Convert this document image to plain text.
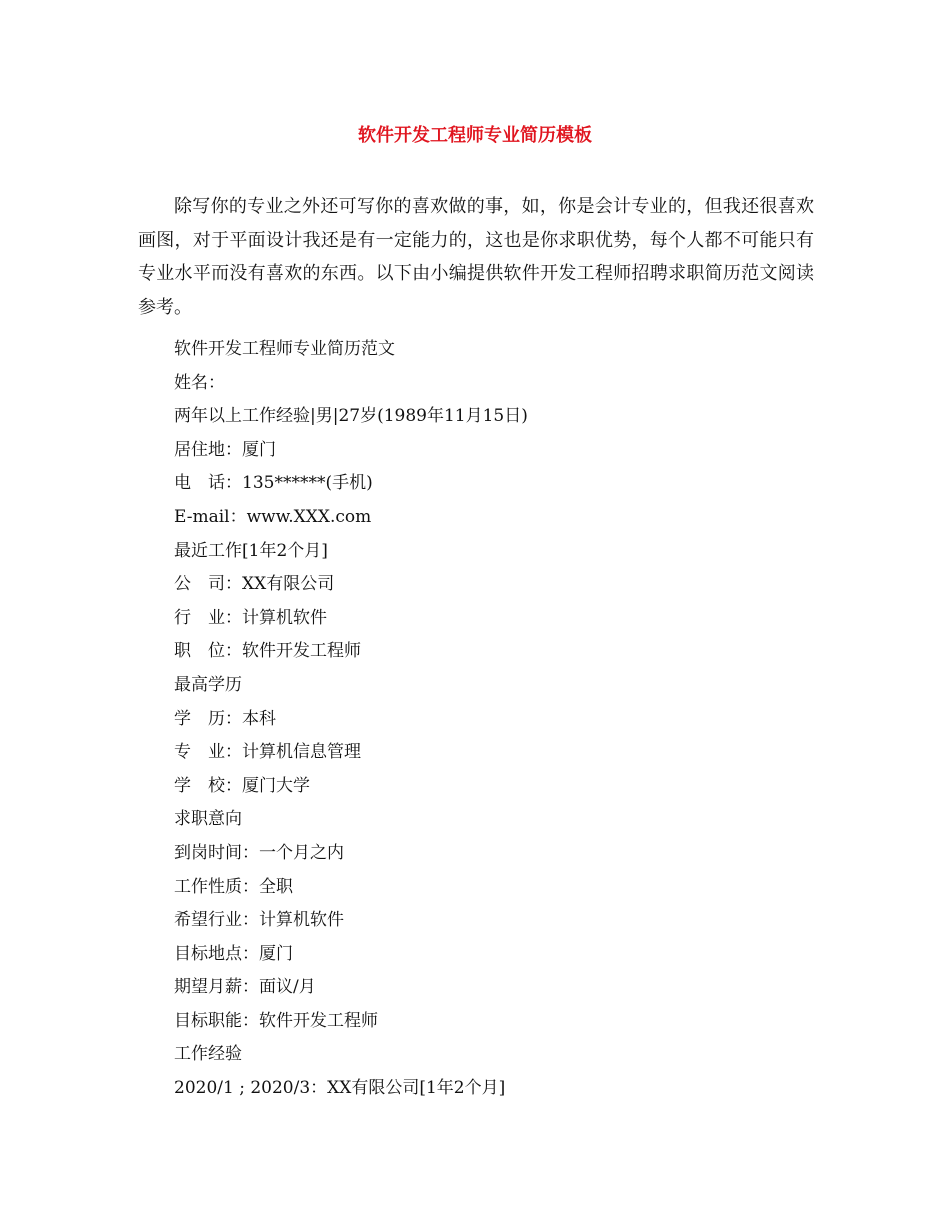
软件开发工程师专业简历模板

除写你的专业之外还可写你的喜欢做的事，如，你是会计专业的，但我还很喜欢画图，对于平面设计我还是有一定能力的，这也是你求职优势，每个人都不可能只有专业水平而没有喜欢的东西。以下由小编提供软件开发工程师招聘求职简历范文阅读参考。

软件开发工程师专业简历范文
姓名：
两年以上工作经验|男|27岁(1989年11月15日)
居住地：厦门
电　话：135******(手机)
E-mail：www.XXX.com
最近工作[1年2个月]
公　司：XX有限公司
行　业：计算机软件
职　位：软件开发工程师
最高学历
学　历：本科
专　业：计算机信息管理
学　校：厦门大学
求职意向
到岗时间：一个月之内
工作性质：全职
希望行业：计算机软件
目标地点：厦门
期望月薪：面议/月
目标职能：软件开发工程师
工作经验
2020/1 ; 2020/3：XX有限公司[1年2个月]
